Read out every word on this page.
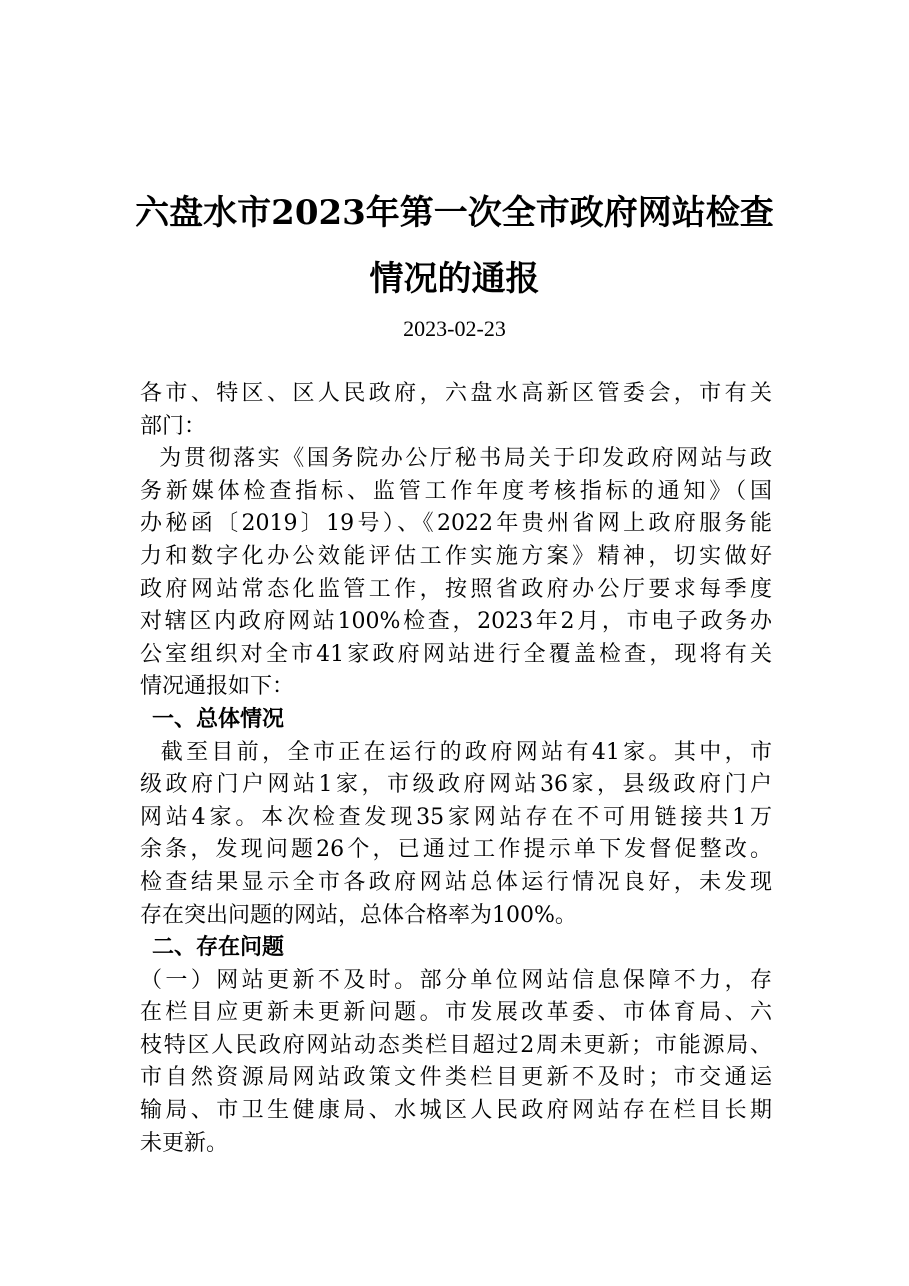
六盘水市2023年第一次全市政府网站检查
情况的通报
2023-02-23
各市、特区、区人民政府，六盘水高新区管委会，市有关
部门：
为贯彻落实《国务院办公厅秘书局关于印发政府网站与政
务新媒体检查指标、监管工作年度考核指标的通知》（国
办秘函〔2019〕19号）、《2022年贵州省网上政府服务能
力和数字化办公效能评估工作实施方案》精神，切实做好
政府网站常态化监管工作，按照省政府办公厅要求每季度
对辖区内政府网站100%检查，2023年2月，市电子政务办
公室组织对全市41家政府网站进行全覆盖检查，现将有关
情况通报如下：
一、总体情况
截至目前，全市正在运行的政府网站有41家。其中，市
级政府门户网站1家，市级政府网站36家，县级政府门户
网站4家。本次检查发现35家网站存在不可用链接共1万
余条，发现问题26个，已通过工作提示单下发督促整改。
检查结果显示全市各政府网站总体运行情况良好，未发现
存在突出问题的网站，总体合格率为100%。
二、存在问题
（一）网站更新不及时。部分单位网站信息保障不力，存
在栏目应更新未更新问题。市发展改革委、市体育局、六
枝特区人民政府网站动态类栏目超过2周未更新；市能源局、
市自然资源局网站政策文件类栏目更新不及时；市交通运
输局、市卫生健康局、水城区人民政府网站存在栏目长期
未更新。
